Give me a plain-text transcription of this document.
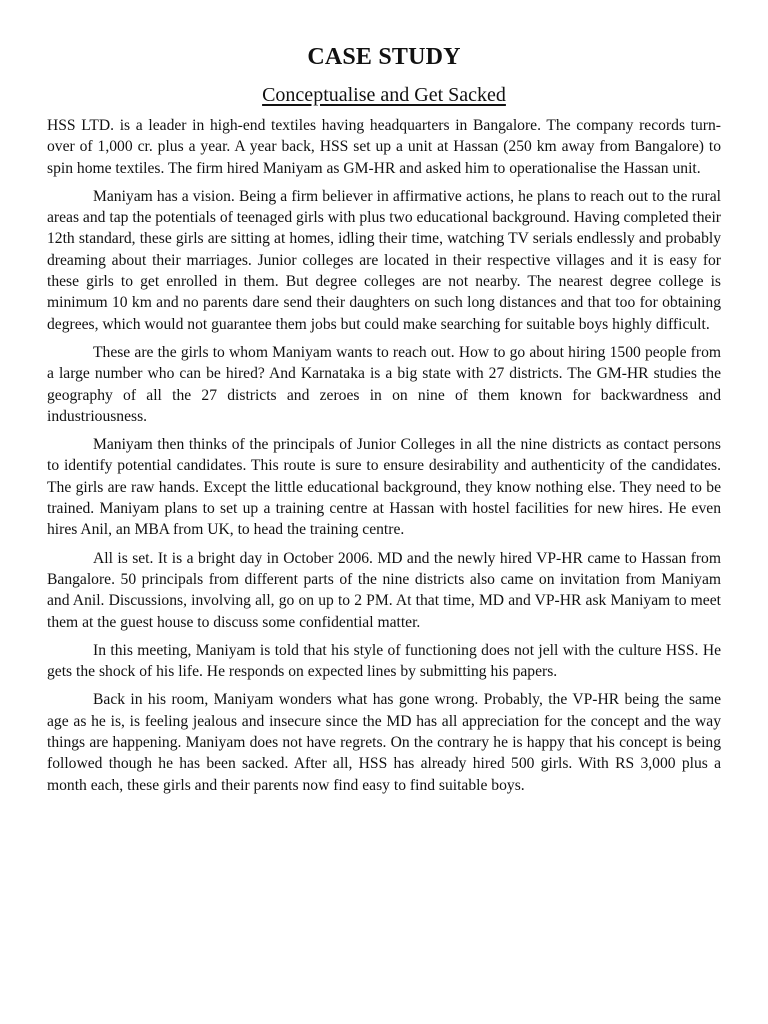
CASE STUDY
Conceptualise and Get Sacked

HSS LTD. is a leader in high-end textiles having headquarters in Bangalore. The company records turn-over of 1,000 cr. plus a year. A year back, HSS set up a unit at Hassan (250 km away from Bangalore) to spin home textiles. The firm hired Maniyam as GM-HR and asked him to operationalise the Hassan unit.

Maniyam has a vision. Being a firm believer in affirmative actions, he plans to reach out to the rural areas and tap the potentials of teenaged girls with plus two educational background. Having completed their 12th standard, these girls are sitting at homes, idling their time, watching TV serials endlessly and probably dreaming about their marriages. Junior colleges are located in their respective villages and it is easy for these girls to get enrolled in them. But degree colleges are not nearby. The nearest degree college is minimum 10 km and no parents dare send their daughters on such long distances and that too for obtaining degrees, which would not guarantee them jobs but could make searching for suitable boys highly difficult.

These are the girls to whom Maniyam wants to reach out. How to go about hiring 1500 people from a large number who can be hired? And Karnataka is a big state with 27 districts. The GM-HR studies the geography of all the 27 districts and zeroes in on nine of them known for backwardness and industriousness.

Maniyam then thinks of the principals of Junior Colleges in all the nine districts as contact persons to identify potential candidates. This route is sure to ensure desirability and authenticity of the candidates. The girls are raw hands. Except the little educational background, they know nothing else. They need to be trained. Maniyam plans to set up a training centre at Hassan with hostel facilities for new hires. He even hires Anil, an MBA from UK, to head the training centre.

All is set. It is a bright day in October 2006. MD and the newly hired VP-HR came to Hassan from Bangalore. 50 principals from different parts of the nine districts also came on invitation from Maniyam and Anil. Discussions, involving all, go on up to 2 PM. At that time, MD and VP-HR ask Maniyam to meet them at the guest house to discuss some confidential matter.

In this meeting, Maniyam is told that his style of functioning does not jell with the culture HSS. He gets the shock of his life. He responds on expected lines by submitting his papers.

Back in his room, Maniyam wonders what has gone wrong. Probably, the VP-HR being the same age as he is, is feeling jealous and insecure since the MD has all appreciation for the concept and the way things are happening. Maniyam does not have regrets. On the contrary he is happy that his concept is being followed though he has been sacked. After all, HSS has already hired 500 girls. With RS 3,000 plus a month each, these girls and their parents now find easy to find suitable boys.
